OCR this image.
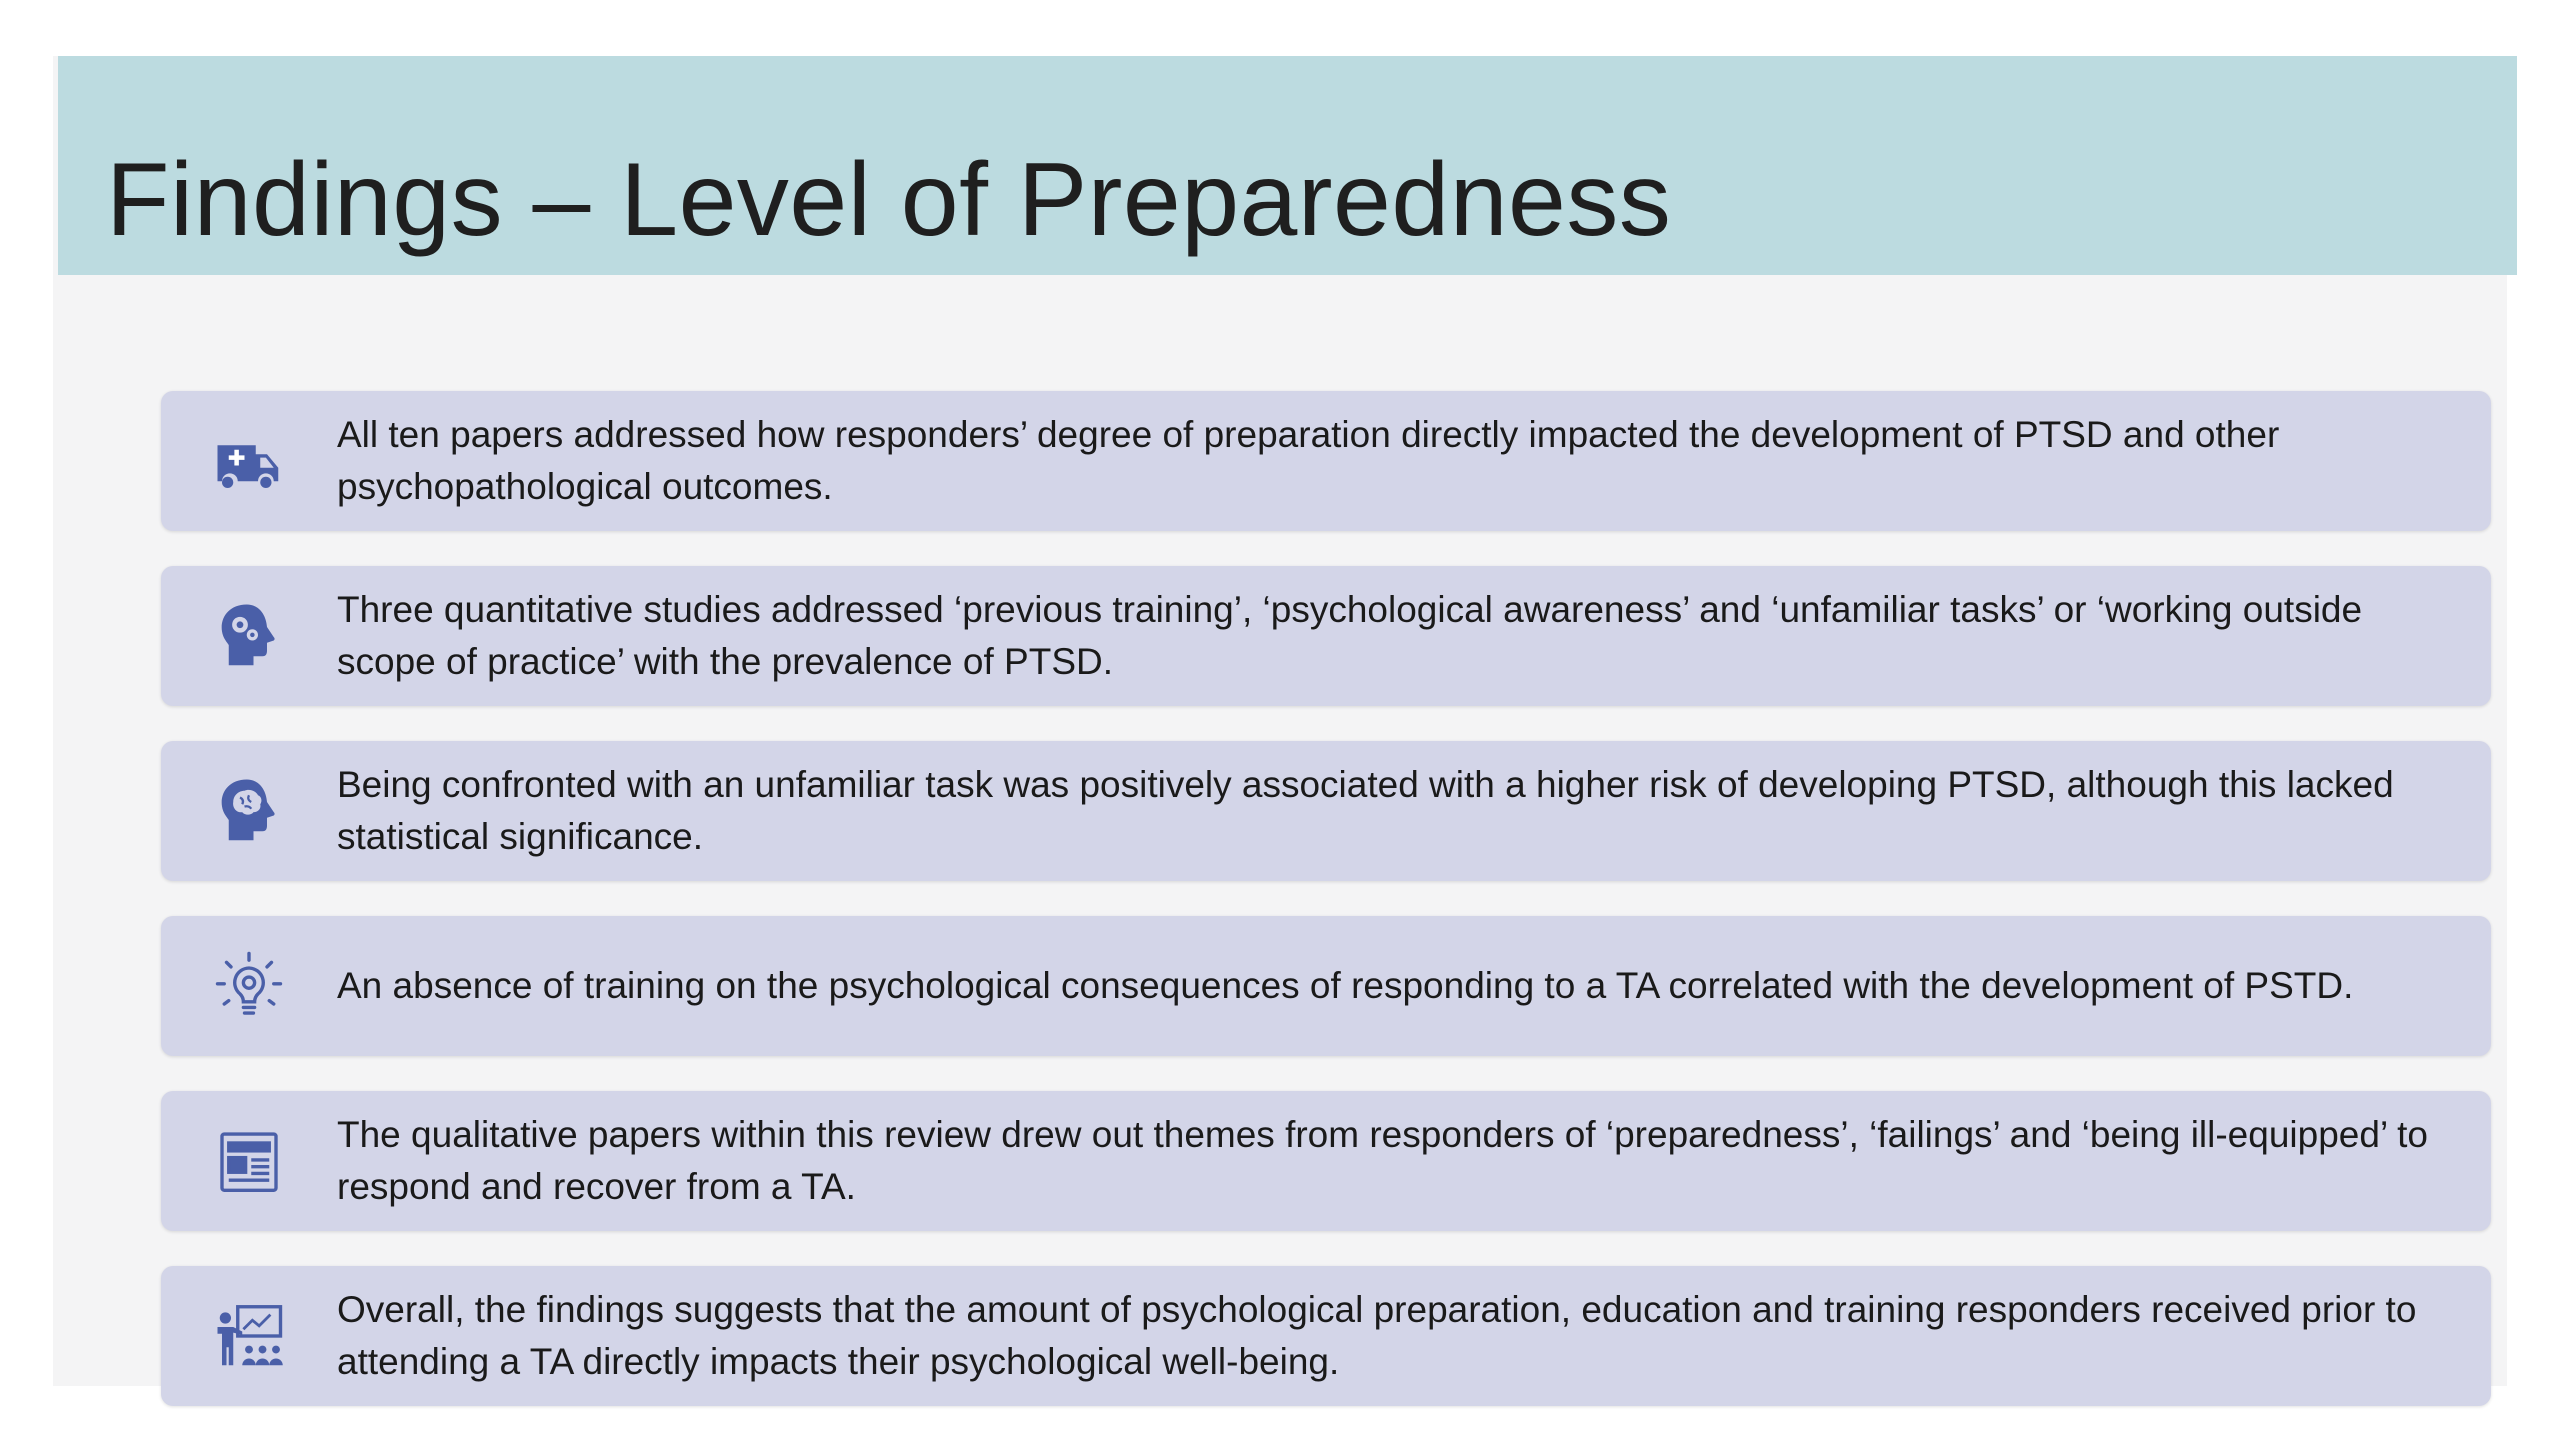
Findings – Level of Preparedness
All ten papers addressed how responders’ degree of preparation directly impacted the development of PTSD and other psychopathological outcomes.
Three quantitative studies addressed ‘previous training’, ‘psychological awareness’ and ‘unfamiliar tasks’ or ‘working outside scope of practice’ with the prevalence of PTSD.
Being confronted with an unfamiliar task was positively associated with a higher risk of developing PTSD, although this lacked statistical significance.
An absence of training on the psychological consequences of responding to a TA correlated with the development of PSTD.
The qualitative papers within this review drew out themes from responders of ‘preparedness’, ‘failings’ and ‘being ill-equipped’ to respond and recover from a TA.
Overall, the findings suggests that the amount of psychological preparation, education and training responders received prior to attending a TA directly impacts their psychological well-being.
